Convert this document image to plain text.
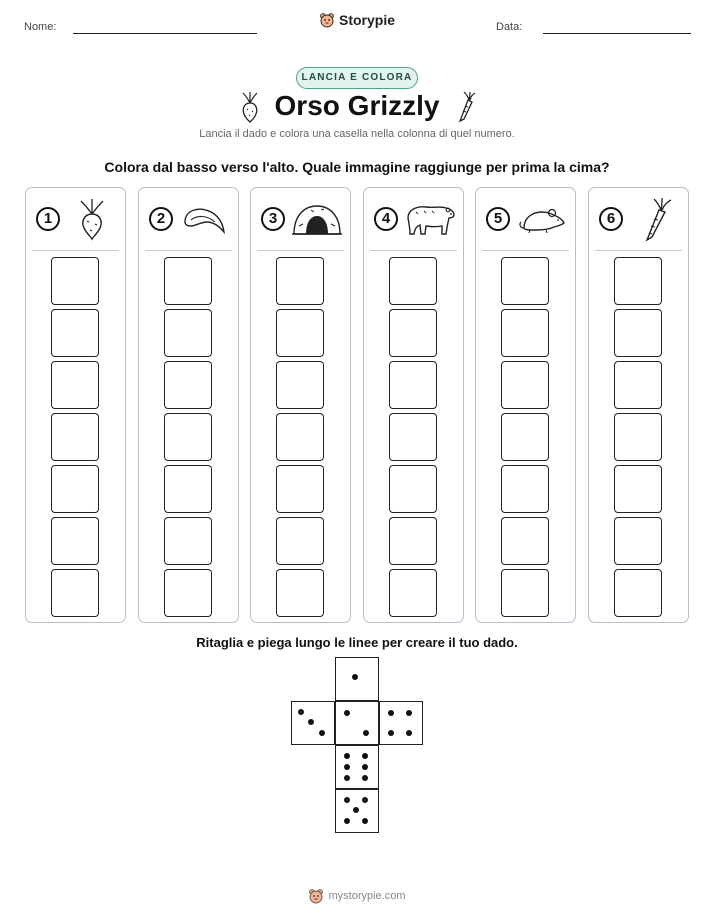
Nome:	Storypie	Data:
LANCIA E COLORA
Orso Grizzly
Lancia il dado e colora una casella nella colonna di quel numero.
Colora dal basso verso l'alto. Quale immagine raggiunge per prima la cima?
1	2	3	4	5	6
Ritaglia e piega lungo le linee per creare il tuo dado.
mystorypie.com
